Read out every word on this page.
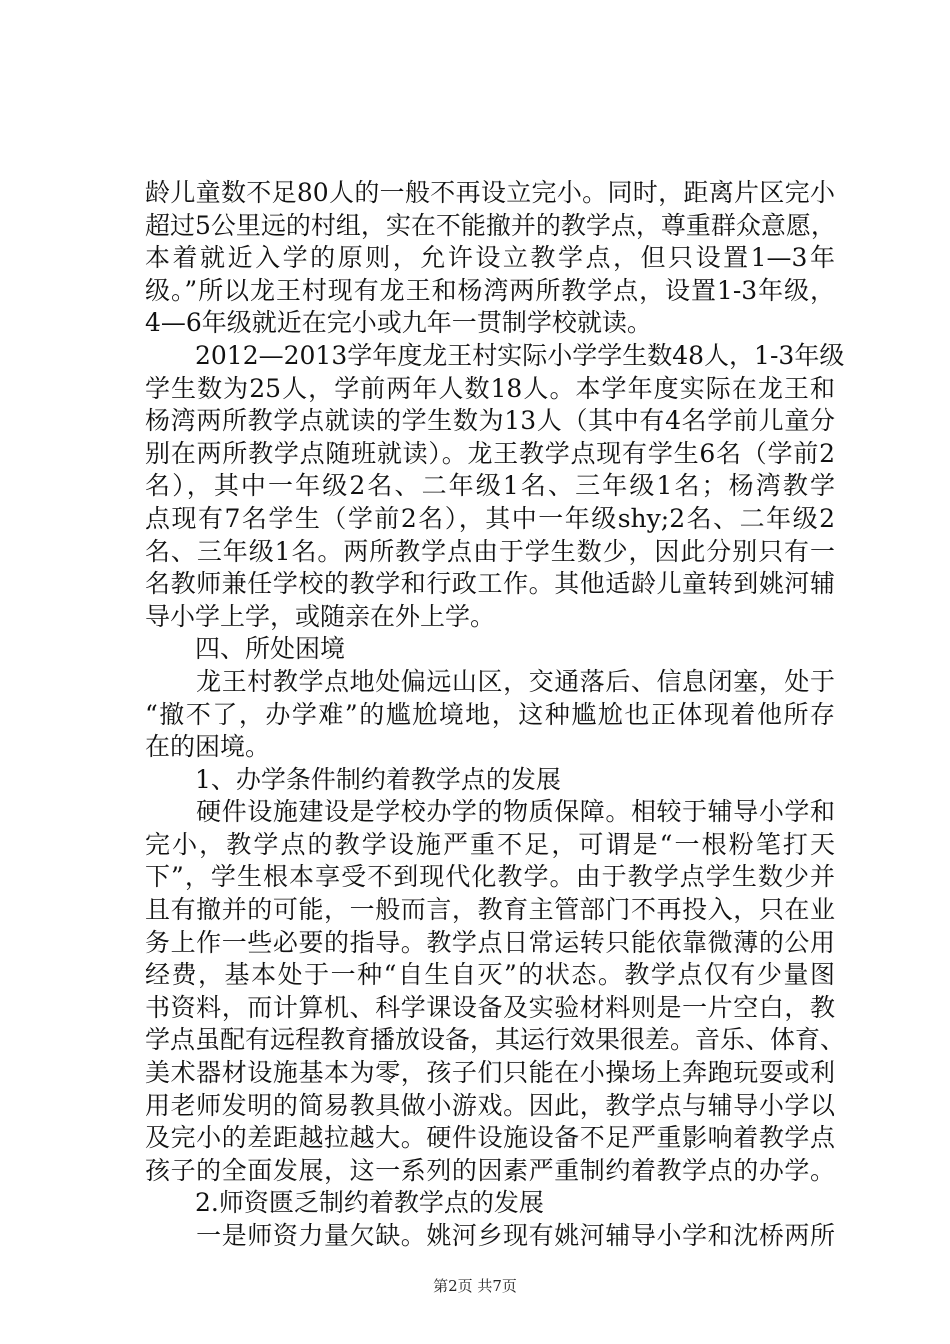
龄儿童数不足80人的一般不再设立完小。同时，距离片区完小
超过5公里远的村组，实在不能撤并的教学点，尊重群众意愿，
本着就近入学的原则，允许设立教学点，但只设置1—3年
级。”所以龙王村现有龙王和杨湾两所教学点，设置1-3年级，
4—6年级就近在完小或九年一贯制学校就读。
　　2012—2013学年度龙王村实际小学学生数48人，1-3年级
学生数为25人，学前两年人数18人。本学年度实际在龙王和
杨湾两所教学点就读的学生数为13人（其中有4名学前儿童分
别在两所教学点随班就读）。龙王教学点现有学生6名（学前2
名），其中一年级2名、二年级1名、三年级1名；杨湾教学
点现有7名学生（学前2名），其中一年级shy;2名、二年级2
名、三年级1名。两所教学点由于学生数少，因此分别只有一
名教师兼任学校的教学和行政工作。其他适龄儿童转到姚河辅
导小学上学，或随亲在外上学。
　　四、所处困境
　　龙王村教学点地处偏远山区，交通落后、信息闭塞，处于
“撤不了，办学难”的尴尬境地，这种尴尬也正体现着他所存
在的困境。
　　1、办学条件制约着教学点的发展
　　硬件设施建设是学校办学的物质保障。相较于辅导小学和
完小，教学点的教学设施严重不足，可谓是“一根粉笔打天
下”，学生根本享受不到现代化教学。由于教学点学生数少并
且有撤并的可能，一般而言，教育主管部门不再投入，只在业
务上作一些必要的指导。教学点日常运转只能依靠微薄的公用
经费，基本处于一种“自生自灭”的状态。教学点仅有少量图
书资料，而计算机、科学课设备及实验材料则是一片空白，教
学点虽配有远程教育播放设备，其运行效果很差。音乐、体育、
美术器材设施基本为零，孩子们只能在小操场上奔跑玩耍或利
用老师发明的简易教具做小游戏。因此，教学点与辅导小学以
及完小的差距越拉越大。硬件设施设备不足严重影响着教学点
孩子的全面发展，这一系列的因素严重制约着教学点的办学。
　　2.师资匮乏制约着教学点的发展
　　一是师资力量欠缺。姚河乡现有姚河辅导小学和沈桥两所
第2页 共7页
